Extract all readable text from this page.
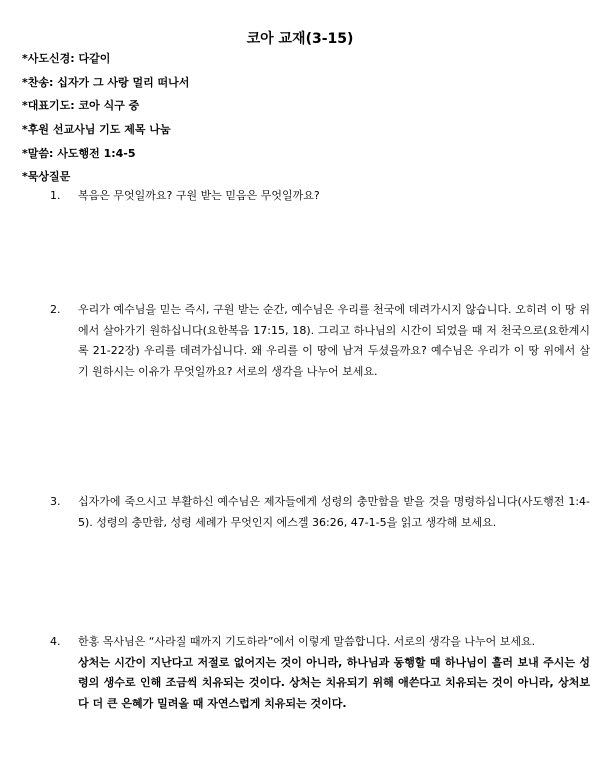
코아 교재(3-15)
*사도신경: 다같이
*찬송: 십자가 그 사랑 멀리 떠나서
*대표기도: 코아 식구 중
*후원 선교사님 기도 제목 나눔
*말씀: 사도행전 1:4-5
*묵상질문
1.	복음은 무엇일까요? 구원 받는 믿음은 무엇일까요?

2.	우리가 예수님을 믿는 즉시, 구원 받는 순간, 예수님은 우리를 천국에 데려가시지 않습니다. 오히려 이 땅 위에서 살아가기 원하십니다(요한복음 17:15, 18). 그리고 하나님의 시간이 되었을 때 저 천국으로(요한계시록 21-22장) 우리를 데려가십니다. 왜 우리를 이 땅에 남겨 두셨을까요? 예수님은 우리가 이 땅 위에서 살기 원하시는 이유가 무엇일까요? 서로의 생각을 나누어 보세요.

3.	십자가에 죽으시고 부활하신 예수님은 제자들에게 성령의 충만함을 받을 것을 명령하십니다(사도행전 1:4-5). 성령의 충만함, 성령 세례가 무엇인지 에스겔 36:26, 47-1-5을 읽고 생각해 보세요.

4.	한홍 목사님은 “사라질 때까지 기도하라”에서 이렇게 말씀합니다. 서로의 생각을 나누어 보세요.

상처는 시간이 지난다고 저절로 없어지는 것이 아니라, 하나님과 동행할 때 하나님이 흘러 보내 주시는 성령의 생수로 인해 조금씩 치유되는 것이다. 상처는 치유되기 위해 애쓴다고 치유되는 것이 아니라, 상처보다 더 큰 은혜가 밀려올 때 자연스럽게 치유되는 것이다.
